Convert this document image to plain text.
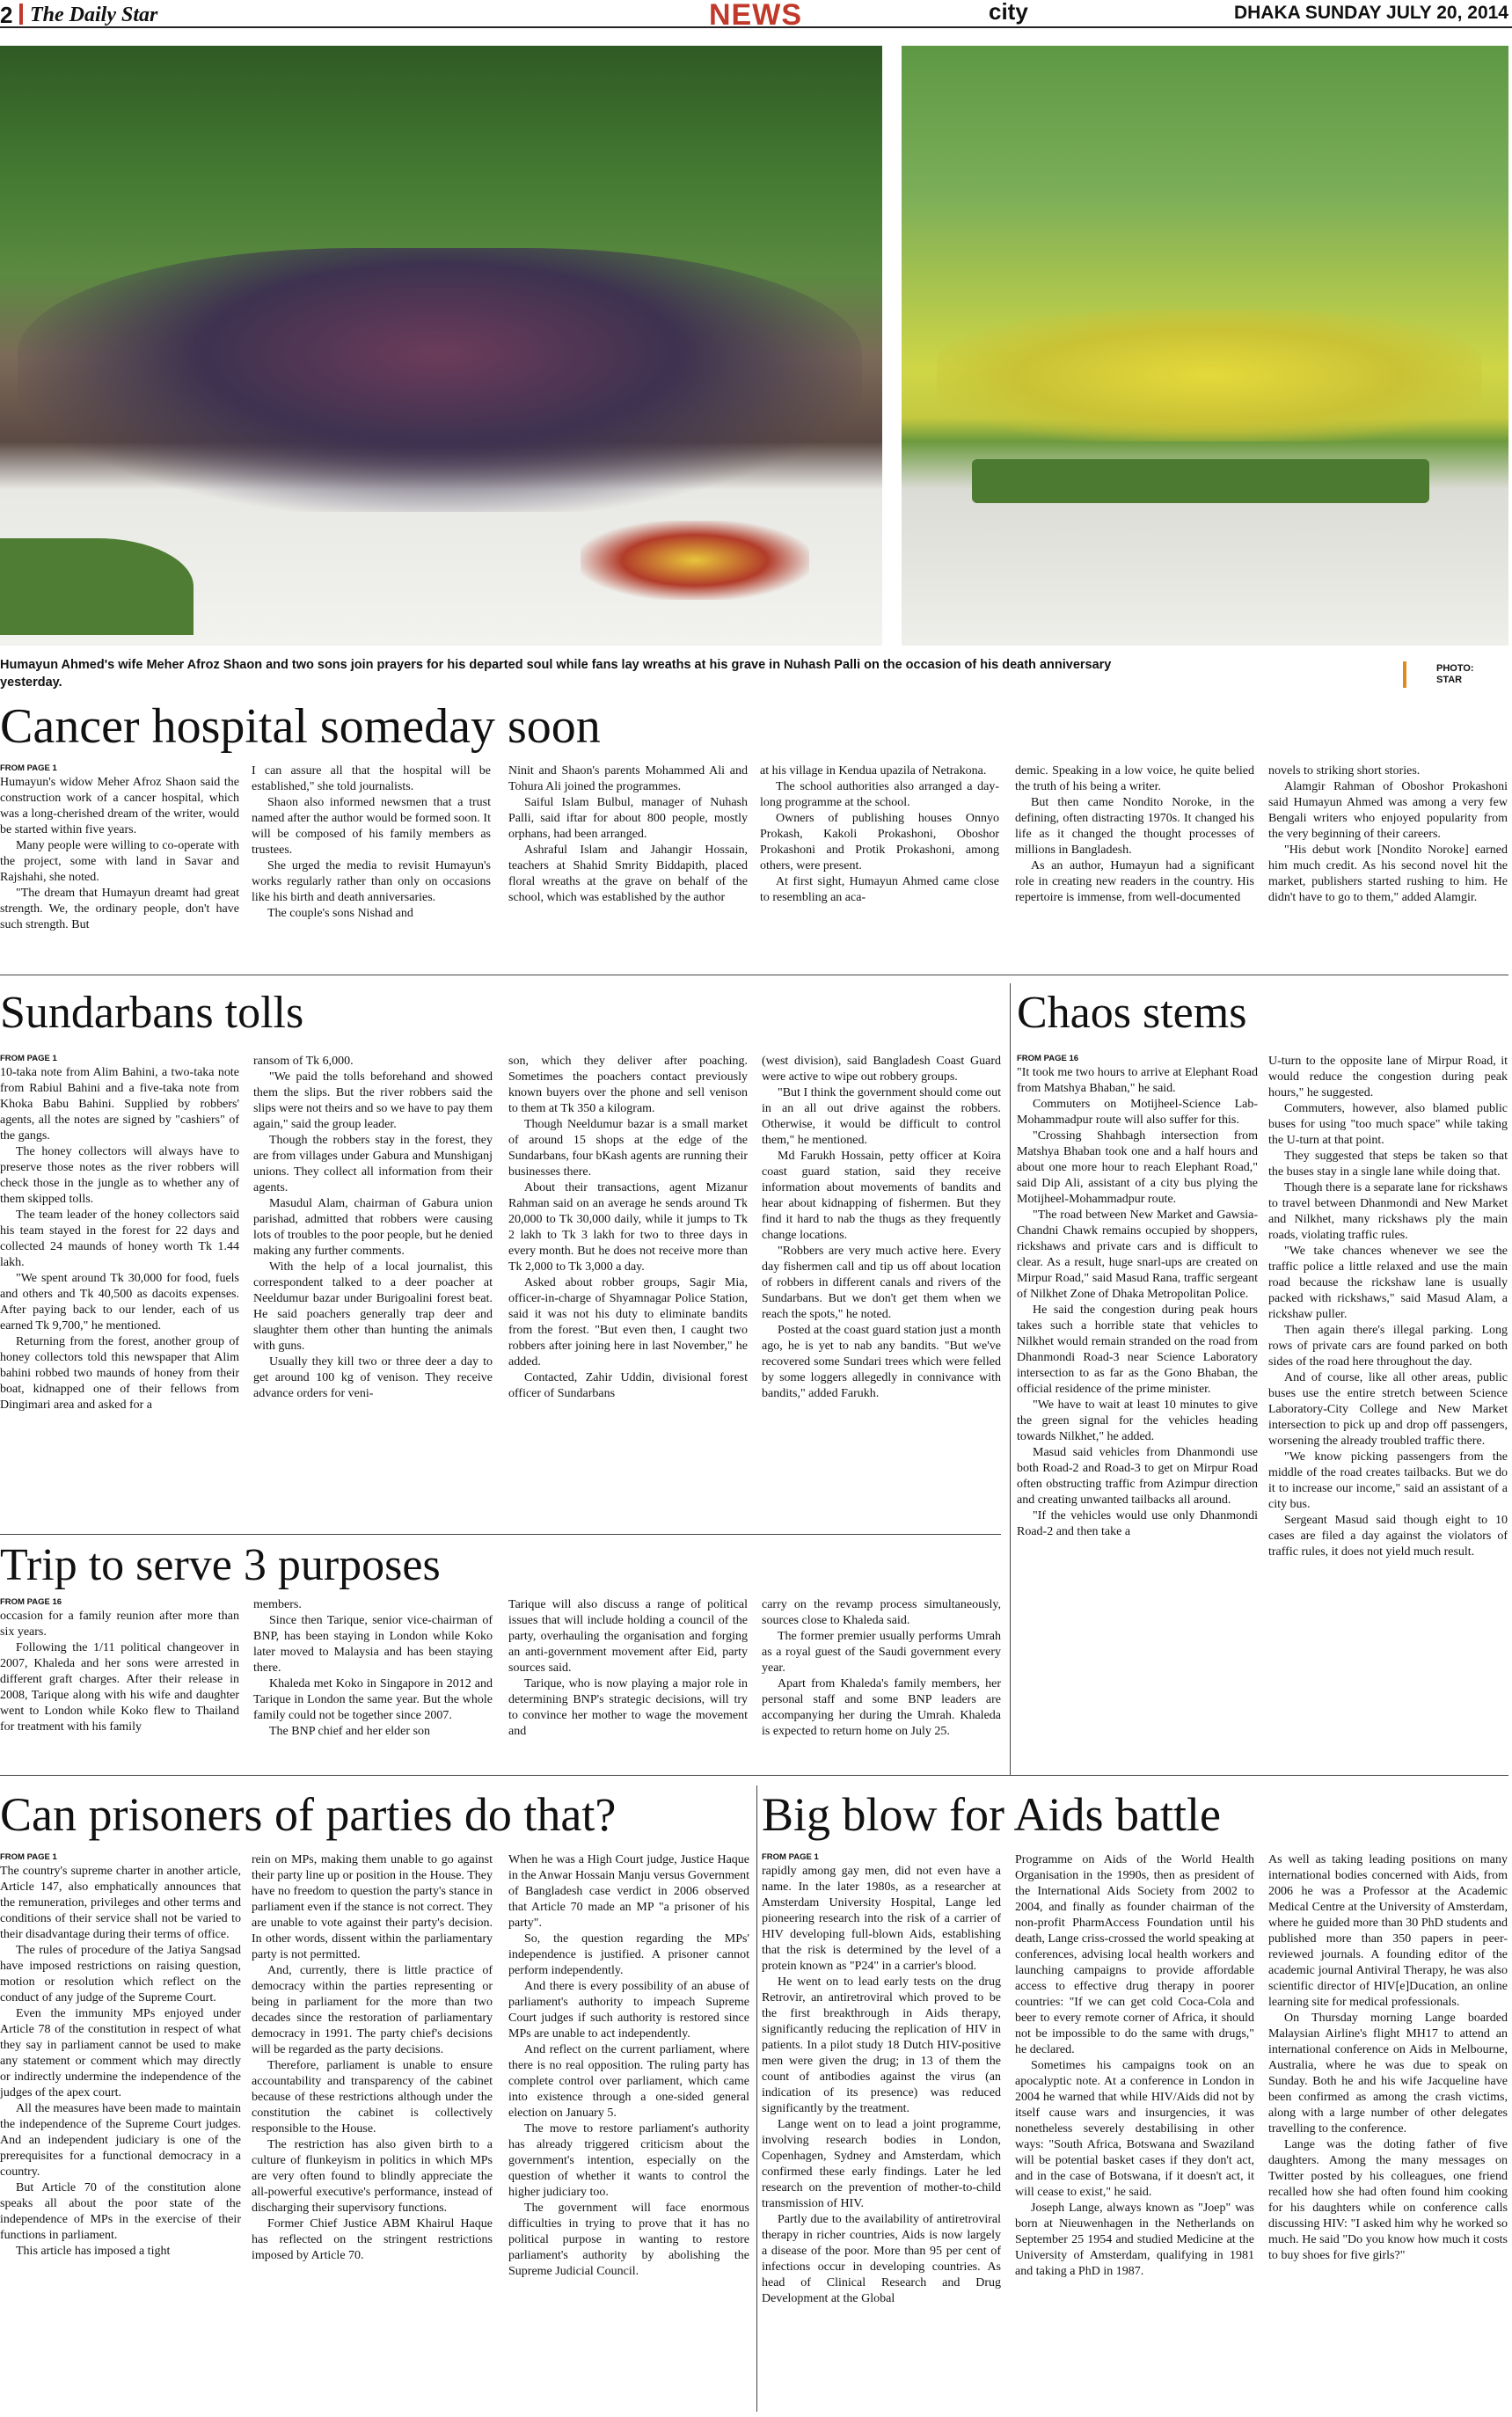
2 The Daily Star	NEWS	city	DHAKA SUNDAY JULY 20, 2014
Humayun Ahmed's wife Meher Afroz Shaon and two sons join prayers for his departed soul while fans lay wreaths at his grave in Nuhash Palli on the occasion of his death anniversary yesterday.
PHOTO:
STAR
Cancer hospital someday soon
FROM PAGE 1

Humayun's widow Meher Afroz Shaon said the construction work of a cancer hospital, which was a long-cherished dream of the writer, would be started within five years.

Many people were willing to co-operate with the project, some with land in Savar and Rajshahi, she noted.

"The dream that Humayun dreamt had great strength. We, the ordinary people, don't have such strength. But

I can assure all that the hospital will be established," she told journalists.

Shaon also informed newsmen that a trust named after the author would be formed soon. It will be composed of his family members as trustees.

She urged the media to revisit Humayun's works regularly rather than only on occasions like his birth and death anniversaries.

The couple's sons Nishad and

Ninit and Shaon's parents Mohammed Ali and Tohura Ali joined the programmes.

Saiful Islam Bulbul, manager of Nuhash Palli, said iftar for about 800 people, mostly orphans, had been arranged.

Ashraful Islam and Jahangir Hossain, teachers at Shahid Smrity Biddapith, placed floral wreaths at the grave on behalf of the school, which was established by the author

at his village in Kendua upazila of Netrakona.

The school authorities also arranged a day-long programme at the school.

Owners of publishing houses Onnyo Prokash, Kakoli Prokashoni, Oboshor Prokashoni and Protik Prokashoni, among others, were present.

At first sight, Humayun Ahmed came close to resembling an aca-

demic. Speaking in a low voice, he quite belied the truth of his being a writer.

But then came Nondito Noroke, in the defining, often distracting 1970s. It changed his life as it changed the thought processes of millions in Bangladesh.

As an author, Humayun had a significant role in creating new readers in the country. His repertoire is immense, from well-documented

novels to striking short stories.

Alamgir Rahman of Oboshor Prokashoni said Humayun Ahmed was among a very few Bengali writers who enjoyed popularity from the very beginning of their careers.

"His debut work [Nondito Noroke] earned him much credit. As his second novel hit the market, publishers started rushing to him. He didn't have to go to them," added Alamgir.

Sundarbans tolls
FROM PAGE 1

10-taka note from Alim Bahini, a two-taka note from Rabiul Bahini and a five-taka note from Khoka Babu Bahini. Supplied by robbers' agents, all the notes are signed by "cashiers" of the gangs.

The honey collectors will always have to preserve those notes as the river robbers will check those in the jungle as to whether any of them skipped tolls.

The team leader of the honey collectors said his team stayed in the forest for 22 days and collected 24 maunds of honey worth Tk 1.44 lakh.

"We spent around Tk 30,000 for food, fuels and others and Tk 40,500 as dacoits expenses. After paying back to our lender, each of us earned Tk 9,700," he mentioned.

Returning from the forest, another group of honey collectors told this newspaper that Alim bahini robbed two maunds of honey from their boat, kidnapped one of their fellows from Dingimari area and asked for a

ransom of Tk 6,000.

"We paid the tolls beforehand and showed them the slips. But the river robbers said the slips were not theirs and so we have to pay them again," said the group leader.

Though the robbers stay in the forest, they are from villages under Gabura and Munshiganj unions. They collect all information from their agents.

Masudul Alam, chairman of Gabura union parishad, admitted that robbers were causing lots of troubles to the poor people, but he denied making any further comments.

With the help of a local journalist, this correspondent talked to a deer poacher at Neeldumur bazar under Burigoalini forest beat. He said poachers generally trap deer and slaughter them other than hunting the animals with guns.

Usually they kill two or three deer a day to get around 100 kg of venison. They receive advance orders for veni-

son, which they deliver after poaching. Sometimes the poachers contact previously known buyers over the phone and sell venison to them at Tk 350 a kilogram.

Though Neeldumur bazar is a small market of around 15 shops at the edge of the Sundarbans, four bKash agents are running their businesses there.

About their transactions, agent Mizanur Rahman said on an average he sends around Tk 20,000 to Tk 30,000 daily, while it jumps to Tk 2 lakh to Tk 3 lakh for two to three days in every month. But he does not receive more than Tk 2,000 to Tk 3,000 a day.

Asked about robber groups, Sagir Mia, officer-in-charge of Shyamnagar Police Station, said it was not his duty to eliminate bandits from the forest. "But even then, I caught two robbers after joining here in last November," he added.

Contacted, Zahir Uddin, divisional forest officer of Sundarbans

(west division), said Bangladesh Coast Guard were active to wipe out robbery groups.

"But I think the government should come out in an all out drive against the robbers. Otherwise, it would be difficult to control them," he mentioned.

Md Farukh Hossain, petty officer at Koira coast guard station, said they receive information about movements of bandits and hear about kidnapping of fishermen. But they find it hard to nab the thugs as they frequently change locations.

"Robbers are very much active here. Every day fishermen call and tip us off about location of robbers in different canals and rivers of the Sundarbans. But we don't get them when we reach the spots," he noted.

Posted at the coast guard station just a month ago, he is yet to nab any bandits. "But we've recovered some Sundari trees which were felled by some loggers allegedly in connivance with bandits," added Farukh.

Trip to serve 3 purposes
FROM PAGE 16

occasion for a family reunion after more than six years.

Following the 1/11 political changeover in 2007, Khaleda and her sons were arrested in different graft charges. After their release in 2008, Tarique along with his wife and daughter went to London while Koko flew to Thailand for treatment with his family

members.

Since then Tarique, senior vice-chairman of BNP, has been staying in London while Koko later moved to Malaysia and has been staying there.

Khaleda met Koko in Singapore in 2012 and Tarique in London the same year. But the whole family could not be together since 2007.

The BNP chief and her elder son

Tarique will also discuss a range of political issues that will include holding a council of the party, overhauling the organisation and forging an anti-government movement after Eid, party sources said.

Tarique, who is now playing a major role in determining BNP's strategic decisions, will try to convince her mother to wage the movement and

carry on the revamp process simultaneously, sources close to Khaleda said.

The former premier usually performs Umrah as a royal guest of the Saudi government every year.

Apart from Khaleda's family members, her personal staff and some BNP leaders are accompanying her during the Umrah. Khaleda is expected to return home on July 25.

Chaos stems
FROM PAGE 16

"It took me two hours to arrive at Elephant Road from Matshya Bhaban," he said.

Commuters on Motijheel-Science Lab-Mohammadpur route will also suffer for this.

"Crossing Shahbagh intersection from Matshya Bhaban took one and a half hours and about one more hour to reach Elephant Road," said Dip Ali, assistant of a city bus plying the Motijheel-Mohammadpur route.

"The road between New Market and Gawsia-Chandni Chawk remains occupied by shoppers, rickshaws and private cars and is difficult to clear. As a result, huge snarl-ups are created on Mirpur Road," said Masud Rana, traffic sergeant of Nilkhet Zone of Dhaka Metropolitan Police.

He said the congestion during peak hours takes such a horrible state that vehicles to Nilkhet would remain stranded on the road from Dhanmondi Road-3 near Science Laboratory intersection to as far as the Gono Bhaban, the official residence of the prime minister.

"We have to wait at least 10 minutes to give the green signal for the vehicles heading towards Nilkhet," he added.

Masud said vehicles from Dhanmondi use both Road-2 and Road-3 to get on Mirpur Road often obstructing traffic from Azimpur direction and creating unwanted tailbacks all around.

"If the vehicles would use only Dhanmondi Road-2 and then take a

U-turn to the opposite lane of Mirpur Road, it would reduce the congestion during peak hours," he suggested.

Commuters, however, also blamed public buses for using "too much space" while taking the U-turn at that point.

They suggested that steps be taken so that the buses stay in a single lane while doing that.

Though there is a separate lane for rickshaws to travel between Dhanmondi and New Market and Nilkhet, many rickshaws ply the main roads, violating traffic rules.

"We take chances whenever we see the traffic police a little relaxed and use the main road because the rickshaw lane is usually packed with rickshaws," said Masud Alam, a rickshaw puller.

Then again there's illegal parking. Long rows of private cars are found parked on both sides of the road here throughout the day.

And of course, like all other areas, public buses use the entire stretch between Science Laboratory-City College and New Market intersection to pick up and drop off passengers, worsening the already troubled traffic there.

"We know picking passengers from the middle of the road creates tailbacks. But we do it to increase our income," said an assistant of a city bus.

Sergeant Masud said though eight to 10 cases are filed a day against the violators of traffic rules, it does not yield much result.

Can prisoners of parties do that?
FROM PAGE 1

The country's supreme charter in another article, Article 147, also emphatically announces that the remuneration, privileges and other terms and conditions of their service shall not be varied to their disadvantage during their terms of office.

The rules of procedure of the Jatiya Sangsad have imposed restrictions on raising question, motion or resolution which reflect on the conduct of any judge of the Supreme Court.

Even the immunity MPs enjoyed under Article 78 of the constitution in respect of what they say in parliament cannot be used to make any statement or comment which may directly or indirectly undermine the independence of the judges of the apex court.

All the measures have been made to maintain the independence of the Supreme Court judges. And an independent judiciary is one of the prerequisites for a functional democracy in a country.

But Article 70 of the constitution alone speaks all about the poor state of the independence of MPs in the exercise of their functions in parliament.

This article has imposed a tight

rein on MPs, making them unable to go against their party line up or position in the House. They have no freedom to question the party's stance in parliament even if the stance is not correct. They are unable to vote against their party's decision. In other words, dissent within the parliamentary party is not permitted.

And, currently, there is little practice of democracy within the parties representing or being in parliament for the more than two decades since the restoration of parliamentary democracy in 1991. The party chief's decisions will be regarded as the party decisions.

Therefore, parliament is unable to ensure accountability and transparency of the cabinet because of these restrictions although under the constitution the cabinet is collectively responsible to the House.

The restriction has also given birth to a culture of flunkeyism in politics in which MPs are very often found to blindly appreciate the all-powerful executive's performance, instead of discharging their supervisory functions.

Former Chief Justice ABM Khairul Haque has reflected on the stringent restrictions imposed by Article 70.

When he was a High Court judge, Justice Haque in the Anwar Hossain Manju versus Government of Bangladesh case verdict in 2006 observed that Article 70 made an MP "a prisoner of his party".

So, the question regarding the MPs' independence is justified. A prisoner cannot perform independently.

And there is every possibility of an abuse of parliament's authority to impeach Supreme Court judges if such authority is restored since MPs are unable to act independently.

And reflect on the current parliament, where there is no real opposition. The ruling party has complete control over parliament, which came into existence through a one-sided general election on January 5.

The move to restore parliament's authority has already triggered criticism about the government's intention, especially on the question of whether it wants to control the higher judiciary too.

The government will face enormous difficulties in trying to prove that it has no political purpose in wanting to restore parliament's authority by abolishing the Supreme Judicial Council.

Big blow for Aids battle
FROM PAGE 1

rapidly among gay men, did not even have a name. In the later 1980s, as a researcher at Amsterdam University Hospital, Lange led pioneering research into the risk of a carrier of HIV developing full-blown Aids, establishing that the risk is determined by the level of a protein known as "P24" in a carrier's blood.

He went on to lead early tests on the drug Retrovir, an antiretroviral which proved to be the first breakthrough in Aids therapy, significantly reducing the replication of HIV in patients. In a pilot study 18 Dutch HIV-positive men were given the drug; in 13 of them the count of antibodies against the virus (an indication of its presence) was reduced significantly by the treatment.

Lange went on to lead a joint programme, involving research bodies in London, Copenhagen, Sydney and Amsterdam, which confirmed these early findings. Later he led research on the prevention of mother-to-child transmission of HIV.

Partly due to the availability of antiretroviral therapy in richer countries, Aids is now largely a disease of the poor. More than 95 per cent of infections occur in developing countries. As head of Clinical Research and Drug Development at the Global

Programme on Aids of the World Health Organisation in the 1990s, then as president of the International Aids Society from 2002 to 2004, and finally as founder chairman of the non-profit PharmAccess Foundation until his death, Lange criss-crossed the world speaking at conferences, advising local health workers and launching campaigns to provide affordable access to effective drug therapy in poorer countries: "If we can get cold Coca-Cola and beer to every remote corner of Africa, it should not be impossible to do the same with drugs," he declared.

Sometimes his campaigns took on an apocalyptic note. At a conference in London in 2004 he warned that while HIV/Aids did not by itself cause wars and insurgencies, it was nonetheless severely destabilising in other ways: "South Africa, Botswana and Swaziland will be potential basket cases if they don't act, and in the case of Botswana, if it doesn't act, it will cease to exist," he said.

Joseph Lange, always known as "Joep" was born at Nieuwenhagen in the Netherlands on September 25 1954 and studied Medicine at the University of Amsterdam, qualifying in 1981 and taking a PhD in 1987.

As well as taking leading positions on many international bodies concerned with Aids, from 2006 he was a Professor at the Academic Medical Centre at the University of Amsterdam, where he guided more than 30 PhD students and published more than 350 papers in peer-reviewed journals. A founding editor of the academic journal Antiviral Therapy, he was also scientific director of HIV[e]Ducation, an online learning site for medical professionals.

On Thursday morning Lange boarded Malaysian Airline's flight MH17 to attend an international conference on Aids in Melbourne, Australia, where he was due to speak on Sunday. Both he and his wife Jacqueline have been confirmed as among the crash victims, along with a large number of other delegates travelling to the conference.

Lange was the doting father of five daughters. Among the many messages on Twitter posted by his colleagues, one friend recalled how she had often found him cooking for his daughters while on conference calls discussing HIV: "I asked him why he worked so much. He said "Do you know how much it costs to buy shoes for five girls?"
